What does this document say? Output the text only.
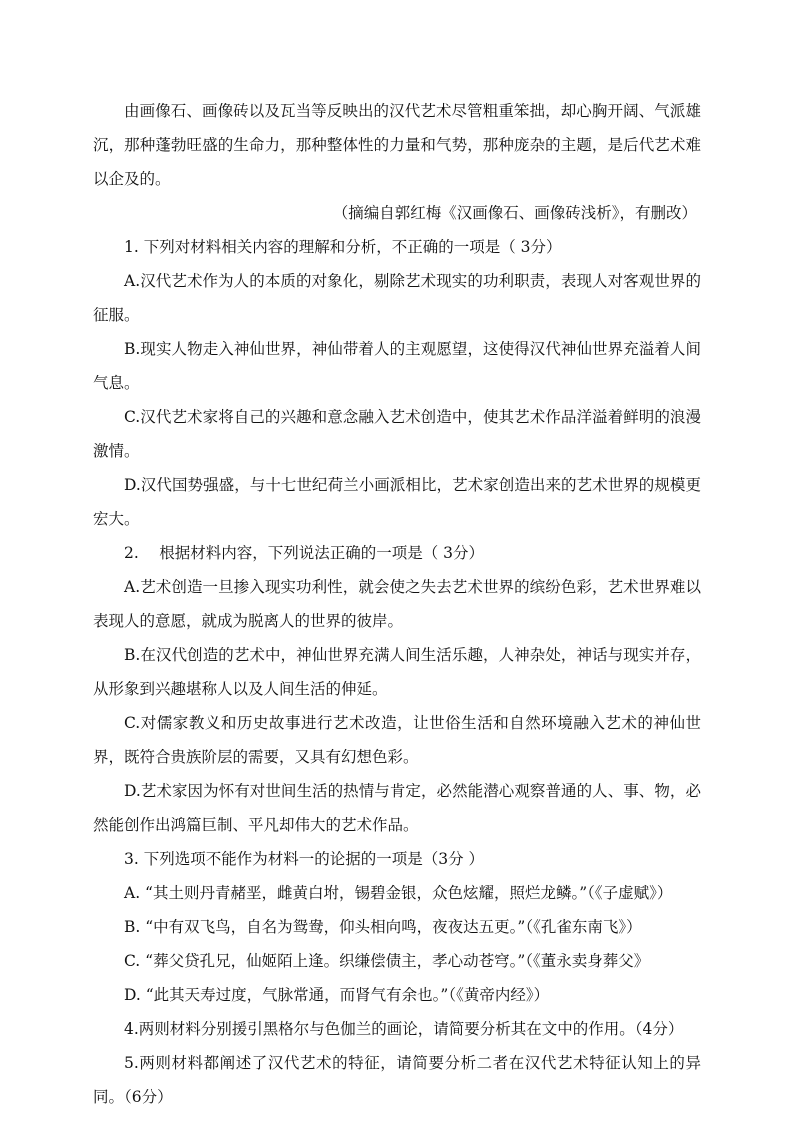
由画像石、画像砖以及瓦当等反映出的汉代艺术尽管粗重笨拙，却心胸开阔、气派雄沉，那种蓬勃旺盛的生命力，那种整体性的力量和气势，那种庞杂的主题，是后代艺术难以企及的。

（摘编自郭红梅《汉画像石、画像砖浅析》，有删改）

1. 下列对材料相关内容的理解和分析，不正确的一项是（ 3分）

A.汉代艺术作为人的本质的对象化，剔除艺术现实的功利职责，表现人对客观世界的征服。

B.现实人物走入神仙世界，神仙带着人的主观愿望，这使得汉代神仙世界充溢着人间气息。

C.汉代艺术家将自己的兴趣和意念融入艺术创造中，使其艺术作品洋溢着鲜明的浪漫激情。

D.汉代国势强盛，与十七世纪荷兰小画派相比，艺术家创造出来的艺术世界的规模更宏大。

2.　 根据材料内容，下列说法正确的一项是（ 3分）

A.艺术创造一旦掺入现实功利性，就会使之失去艺术世界的缤纷色彩，艺术世界难以表现人的意愿，就成为脱离人的世界的彼岸。

B.在汉代创造的艺术中，神仙世界充满人间生活乐趣，人神杂处，神话与现实并存，从形象到兴趣堪称人以及人间生活的伸延。

C.对儒家教义和历史故事进行艺术改造，让世俗生活和自然环境融入艺术的神仙世界，既符合贵族阶层的需要，又具有幻想色彩。

D.艺术家因为怀有对世间生活的热情与肯定，必然能潜心观察普通的人、事、物，必然能创作出鸿篇巨制、平凡却伟大的艺术作品。

3. 下列选项不能作为材料一的论据的一项是（3分 ）

A. “其土则丹青赭垩，雌黄白坿，锡碧金银，众色炫耀，照烂龙鳞。”（《子虚赋》）

B. “中有双飞鸟，自名为鸳鸯，仰头相向鸣，夜夜达五更。”（《孔雀东南飞》）

C. “葬父贷孔兄，仙姬陌上逢。织缣偿债主，孝心动苍穹。”（《董永卖身葬父》

D. “此其天寿过度，气脉常通，而肾气有余也。”（《黄帝内经》）

4.两则材料分别援引黑格尔与色伽兰的画论，请简要分析其在文中的作用。（4分）

5.两则材料都阐述了汉代艺术的特征，请简要分析二者在汉代艺术特征认知上的异同。（6分）
